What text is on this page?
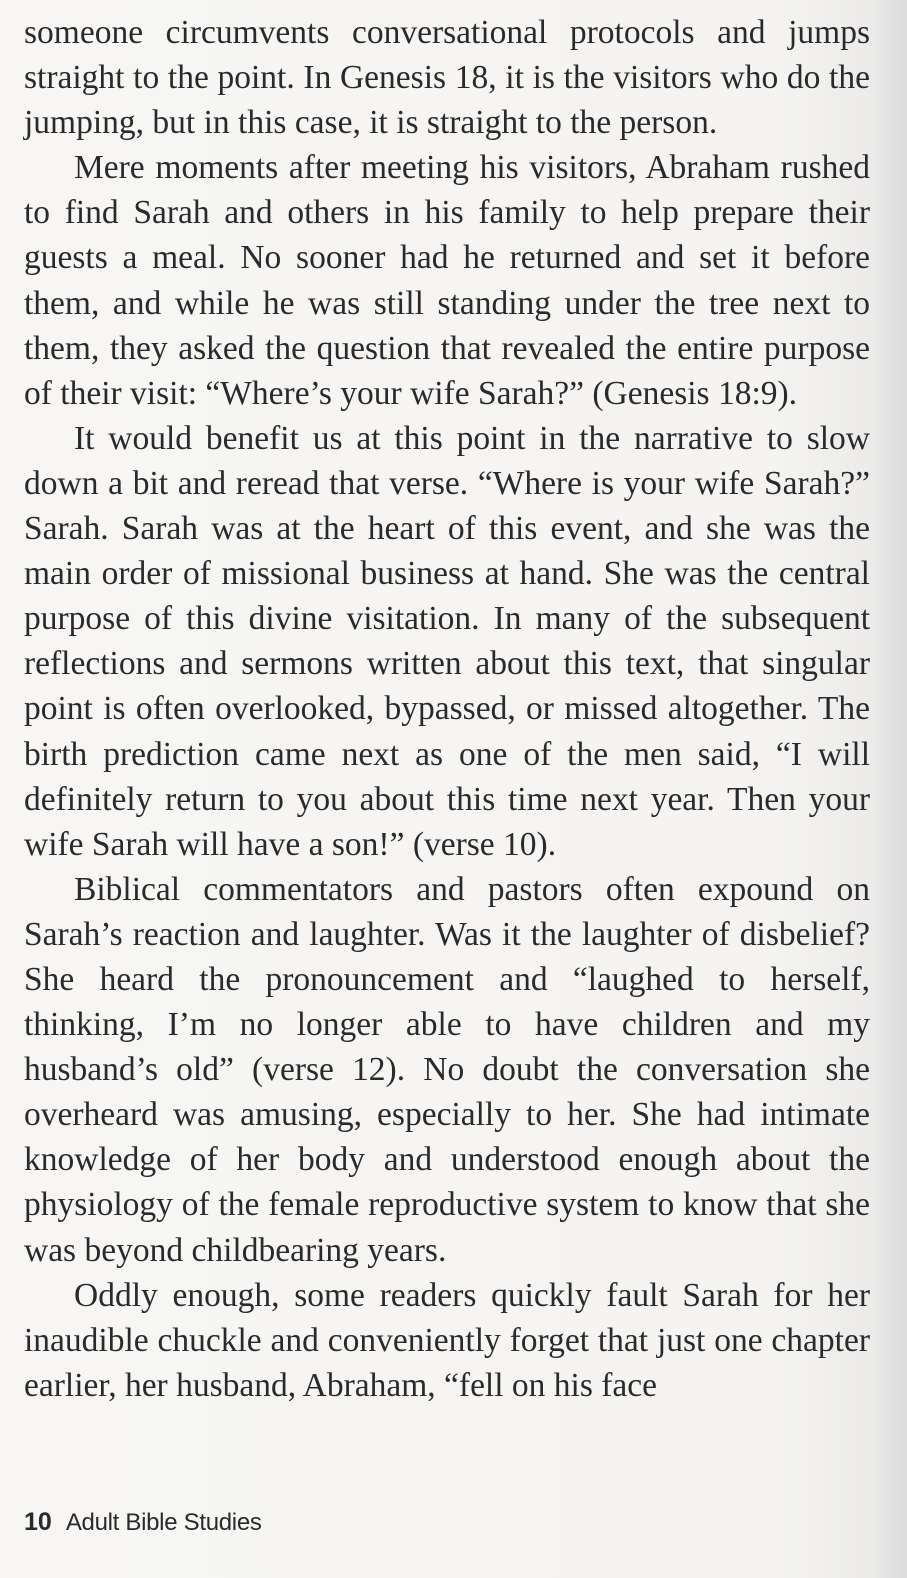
someone circumvents conversational protocols and jumps straight to the point. In Genesis 18, it is the visitors who do the jumping, but in this case, it is straight to the person.

Mere moments after meeting his visitors, Abraham rushed to find Sarah and others in his family to help prepare their guests a meal. No sooner had he returned and set it before them, and while he was still standing under the tree next to them, they asked the question that revealed the entire purpose of their visit: “Where’s your wife Sarah?” (Genesis 18:9).

It would benefit us at this point in the narrative to slow down a bit and reread that verse. “Where is your wife Sarah?” Sarah. Sarah was at the heart of this event, and she was the main order of missional business at hand. She was the central purpose of this divine visitation. In many of the subsequent reflections and sermons written about this text, that singular point is often overlooked, bypassed, or missed altogether. The birth prediction came next as one of the men said, “I will definitely return to you about this time next year. Then your wife Sarah will have a son!” (verse 10).

Biblical commentators and pastors often expound on Sarah’s reaction and laughter. Was it the laughter of disbelief? She heard the pronouncement and “laughed to herself, thinking, I’m no longer able to have children and my husband’s old” (verse 12). No doubt the conversation she overheard was amusing, especially to her. She had intimate knowledge of her body and understood enough about the physiology of the female reproductive system to know that she was beyond childbearing years.

Oddly enough, some readers quickly fault Sarah for her inaudible chuckle and conveniently forget that just one chapter earlier, her husband, Abraham, “fell on his face

10 Adult Bible Studies
